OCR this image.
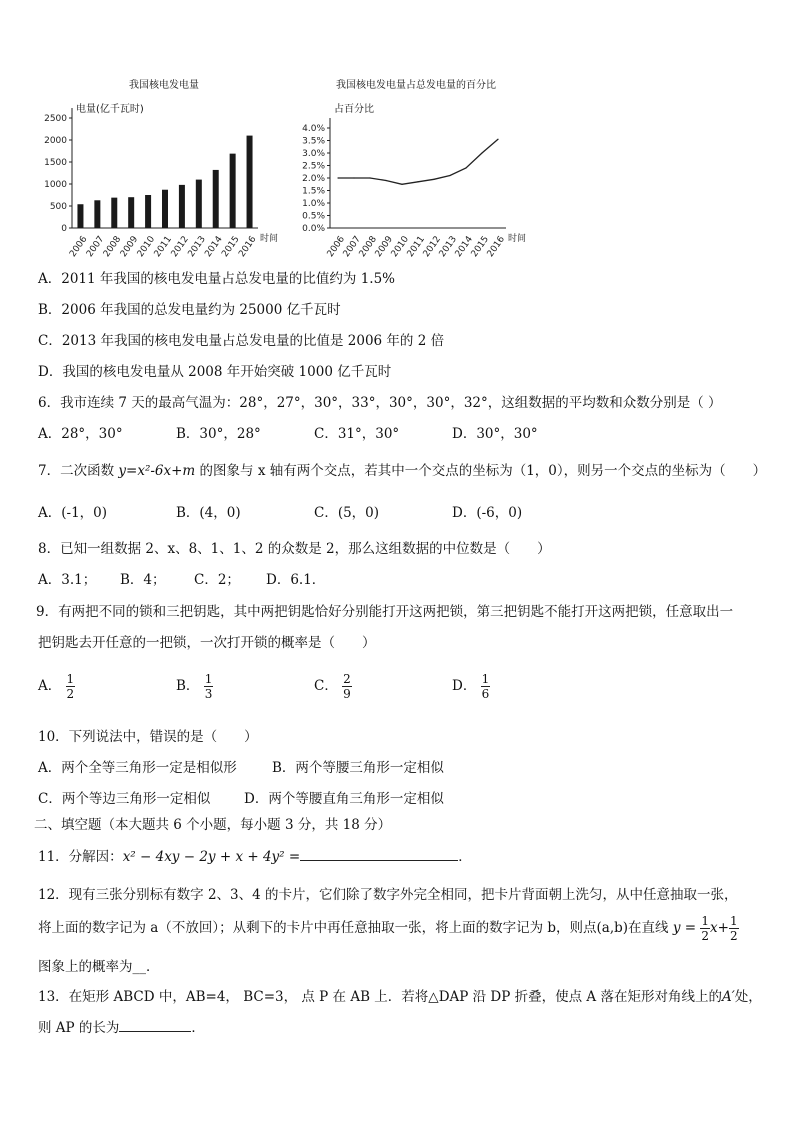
我国核电发电量
电量(亿千瓦时)
0
500
1000
1500
2000
2500
2006
2007
2008
2009
2010
2011
2012
2013
2014
2015
2016 时间
我国核电发电量占总发电量的百分比
占百分比
0.0%
0.5%
1.0%
1.5%
2.0%
2.5%
3.0%
3.5%
4.0%
2006
2007
2008
2009
2010
2011
2012
2013
2014
2015
2016 时间
A．2011 年我国的核电发电量占总发电量的比值约为 1.5%
B．2006 年我国的总发电量约为 25000 亿千瓦时
C．2013 年我国的核电发电量占总发电量的比值是 2006 年的 2 倍
D．我国的核电发电量从 2008 年开始突破 1000 亿千瓦时
6．我市连续 7 天的最高气温为：28°，27°，30°，33°，30°，30°，32°，这组数据的平均数和众数分别是（ ）
A．28°，30°	B．30°，28°	C．31°，30°	D．30°，30°
7．二次函数 y=x²-6x+m 的图象与 x 轴有两个交点，若其中一个交点的坐标为（1，0），则另一个交点的坐标为（　　）
A．(-1，0)	B．(4，0)	C．(5，0)	D．(-6，0)
8．已知一组数据 2、x、8、1、1、2 的众数是 2，那么这组数据的中位数是（　　）
A．3.1； B．4； C．2； D．6.1．
9．有两把不同的锁和三把钥匙，其中两把钥匙恰好分别能打开这两把锁，第三把钥匙不能打开这两把锁，任意取出一
把钥匙去开任意的一把锁，一次打开锁的概率是（　　）
A． $\frac{1}{2}$	B． $\frac{1}{3}$	C． $\frac{2}{9}$	D． $\frac{1}{6}$
10．下列说法中，错误的是（　　）
A．两个全等三角形一定是相似形	B．两个等腰三角形一定相似
C．两个等边三角形一定相似 D．两个等腰直角三角形一定相似
二、填空题（本大题共 6 个小题，每小题 3 分，共 18 分）
11．分解因：x² − 4xy − 2y + x + 4y² =	．
12．现有三张分别标有数字 2、3、4 的卡片，它们除了数字外完全相同，把卡片背面朝上洗匀，从中任意抽取一张，
将上面的数字记为 a（不放回）；从剩下的卡片中再任意抽取一张，将上面的数字记为 b，则点(a,b)在直线 $y = \frac{1}{2} x+ \frac{1}{2}$
图象上的概率为__．
13．在矩形 ABCD 中，AB=4， BC=3， 点 P 在 AB 上．若将△DAP 沿 DP 折叠，使点 A 落在矩形对角线上的A′处，
则 AP 的长为	．
